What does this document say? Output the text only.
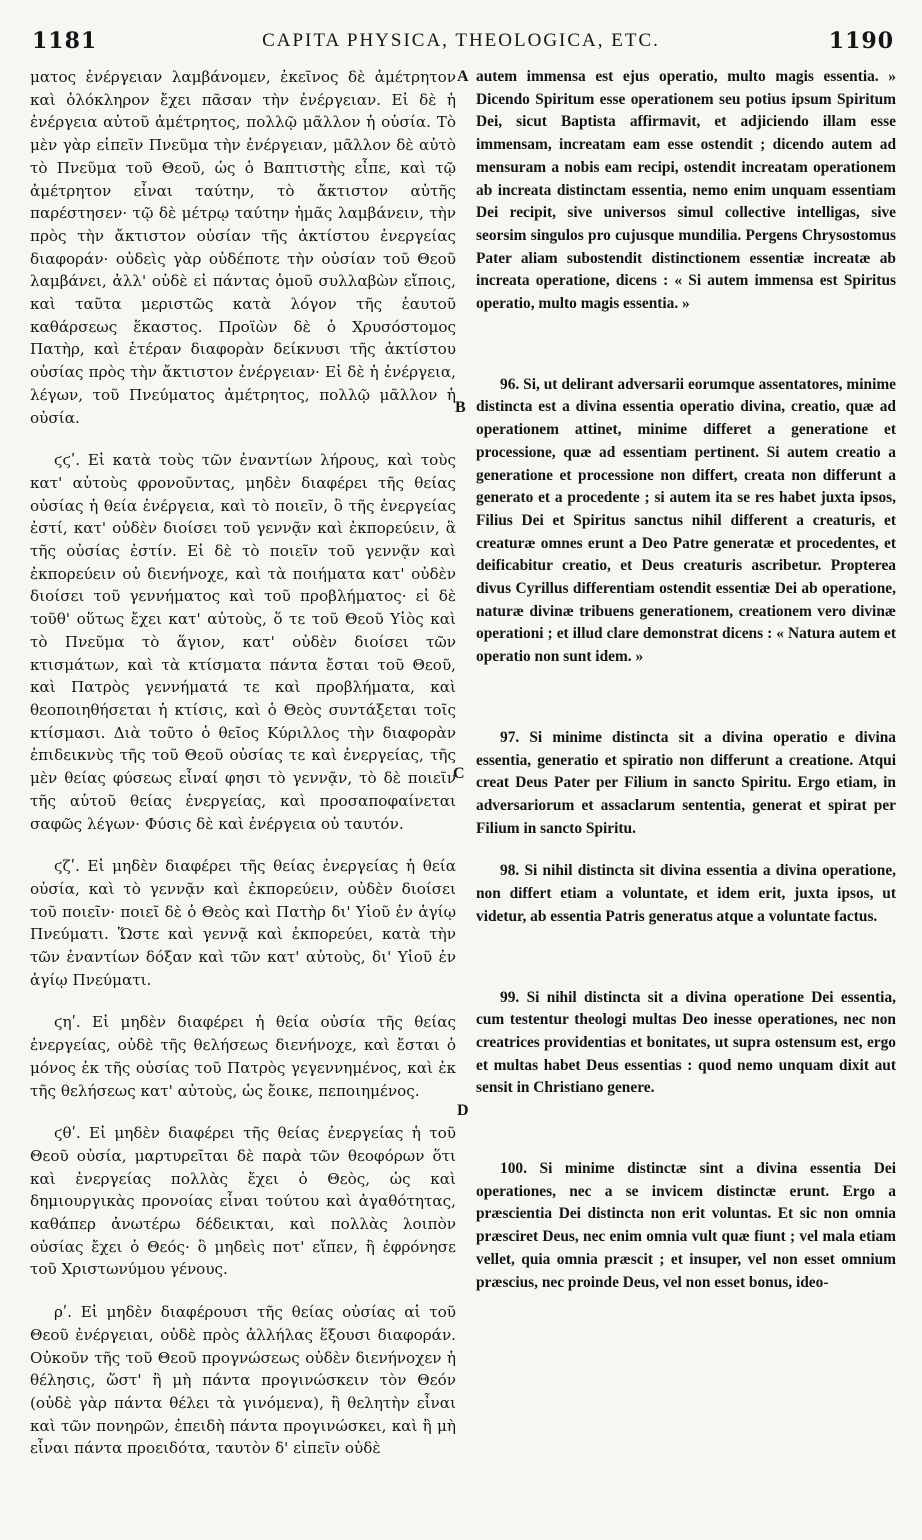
1181	CAPITA PHYSICA, THEOLOGICA, ETC.	1190

ματος ἐνέργειαν λαμβάνομεν, ἐκεῖνος δὲ ἀμέτρητον καὶ ὁλόκληρον ἔχει πᾶσαν τὴν ἐνέργειαν. Εἰ δὲ ἡ ἐνέργεια αὐτοῦ ἀμέτρητος, πολλῷ μᾶλλον ἡ οὐσία. Τὸ μὲν γὰρ εἰπεῖν Πνεῦμα τὴν ἐνέργειαν, μᾶλλον δὲ αὐτὸ τὸ Πνεῦμα τοῦ Θεοῦ, ὡς ὁ Βαπτιστὴς εἶπε, καὶ τῷ ἀμέτρητον εἶναι ταύτην, τὸ ἄκτιστον αὐτῆς παρέστησεν· τῷ δὲ μέτρῳ ταύτην ἡμᾶς λαμβάνειν, τὴν πρὸς τὴν ἄκτιστον οὐσίαν τῆς ἀκτίστου ἐνεργείας διαφοράν· οὐδεὶς γὰρ οὐδέποτε τὴν οὐσίαν τοῦ Θεοῦ λαμβάνει, ἀλλ' οὐδὲ εἰ πάντας ὁμοῦ συλλαβὼν εἴποις, καὶ ταῦτα μεριστῶς κατὰ λόγον τῆς ἑαυτοῦ καθάρσεως ἕκαστος. Προϊὼν δὲ ὁ Χρυσόστομος Πατὴρ, καὶ ἑτέραν διαφορὰν δείκνυσι τῆς ἀκτίστου οὐσίας πρὸς τὴν ἄκτιστον ἐνέργειαν· Εἰ δὲ ἡ ἐνέργεια, λέγων, τοῦ Πνεύματος ἀμέτρητος, πολλῷ μᾶλλον ἡ οὐσία.

ϛϛʹ. Εἰ κατὰ τοὺς τῶν ἐναντίων λήρους, καὶ τοὺς κατ' αὐτοὺς φρονοῦντας, μηδὲν διαφέρει τῆς θείας οὐσίας ἡ θεία ἐνέργεια, καὶ τὸ ποιεῖν, ὃ τῆς ἐνεργείας ἐστί, κατ' οὐδὲν διοίσει τοῦ γεννᾷν καὶ ἐκπορεύειν, ἃ τῆς οὐσίας ἐστίν. Εἰ δὲ τὸ ποιεῖν τοῦ γεννᾷν καὶ ἐκπορεύειν οὐ διενήνοχε, καὶ τὰ ποιήματα κατ' οὐδὲν διοίσει τοῦ γεννήματος καὶ τοῦ προβλήματος· εἰ δὲ τοῦθ' οὕτως ἔχει κατ' αὐτοὺς, ὅ τε τοῦ Θεοῦ Υἱὸς καὶ τὸ Πνεῦμα τὸ ἅγιον, κατ' οὐδὲν διοίσει τῶν κτισμάτων, καὶ τὰ κτίσματα πάντα ἔσται τοῦ Θεοῦ, καὶ Πατρὸς γεννήματά τε καὶ προβλήματα, καὶ θεοποιηθήσεται ἡ κτίσις, καὶ ὁ Θεὸς συντάξεται τοῖς κτίσμασι. Διὰ τοῦτο ὁ θεῖος Κύριλλος τὴν διαφορὰν ἐπιδεικνὺς τῆς τοῦ Θεοῦ οὐσίας τε καὶ ἐνεργείας, τῆς μὲν θείας φύσεως εἶναί φησι τὸ γεννᾷν, τὸ δὲ ποιεῖν τῆς αὐτοῦ θείας ἐνεργείας, καὶ προσαποφαίνεται σαφῶς λέγων· Φύσις δὲ καὶ ἐνέργεια οὐ ταυτόν.

ϛζʹ. Εἰ μηδὲν διαφέρει τῆς θείας ἐνεργείας ἡ θεία οὐσία, καὶ τὸ γεννᾷν καὶ ἐκπορεύειν, οὐδὲν διοίσει τοῦ ποιεῖν· ποιεῖ δὲ ὁ Θεὸς καὶ Πατὴρ δι' Υἱοῦ ἐν ἁγίῳ Πνεύματι. Ὥστε καὶ γεννᾷ καὶ ἐκπορεύει, κατὰ τὴν τῶν ἐναντίων δόξαν καὶ τῶν κατ' αὐτοὺς, δι' Υἱοῦ ἐν ἁγίῳ Πνεύματι.

ϛηʹ. Εἰ μηδὲν διαφέρει ἡ θεία οὐσία τῆς θείας ἐνεργείας, οὐδὲ τῆς θελήσεως διενήνοχε, καὶ ἔσται ὁ μόνος ἐκ τῆς οὐσίας τοῦ Πατρὸς γεγεννημένος, καὶ ἐκ τῆς θελήσεως κατ' αὐτοὺς, ὡς ἔοικε, πεποιημένος.

ϛθʹ. Εἰ μηδὲν διαφέρει τῆς θείας ἐνεργείας ἡ τοῦ Θεοῦ οὐσία, μαρτυρεῖται δὲ παρὰ τῶν θεοφόρων ὅτι καὶ ἐνεργείας πολλὰς ἔχει ὁ Θεὸς, ὡς καὶ δημιουργικὰς προνοίας εἶναι τούτου καὶ ἀγαθότητας, καθάπερ ἀνωτέρω δέδεικται, καὶ πολλὰς λοιπὸν οὐσίας ἔχει ὁ Θεός· ὃ μηδεὶς ποτ' εἴπεν, ἢ ἐφρόνησε τοῦ Χριστωνύμου γένους.

ρʹ. Εἰ μηδὲν διαφέρουσι τῆς θείας οὐσίας αἱ τοῦ Θεοῦ ἐνέργειαι, οὐδὲ πρὸς ἀλλήλας ἕξουσι διαφοράν. Οὐκοῦν τῆς τοῦ Θεοῦ προγνώσεως οὐδὲν διενήνοχεν ἡ θέλησις, ὥστ' ἢ μὴ πάντα προγινώσκειν τὸν Θεόν (οὐδὲ γὰρ πάντα θέλει τὰ γινόμενα), ἢ θελητὴν εἶναι καὶ τῶν πονηρῶν, ἐπειδὴ πάντα προγινώσκει, καὶ ἢ μὴ εἶναι πάντα προειδότα, ταυτὸν δ' εἰπεῖν οὐδὲ

A
B
C
D

autem immensa est ejus operatio, multo magis essentia. » Dicendo Spiritum esse operationem seu potius ipsum Spiritum Dei, sicut Baptista affirmavit, et adjiciendo illam esse immensam, increatam eam esse ostendit ; dicendo autem ad mensuram a nobis eam recipi, ostendit increatam operationem ab increata distinctam essentia, nemo enim unquam essentiam Dei recipit, sive universos simul collective intelligas, sive seorsim singulos pro cujusque mundilia. Pergens Chrysostomus Pater aliam subostendit distinctionem essentiæ increatæ ab increata operatione, dicens : « Si autem immensa est Spiritus operatio, multo magis essentia. »

96. Si, ut delirant adversarii eorumque assentatores, minime distincta est a divina essentia operatio divina, creatio, quæ ad operationem attinet, minime differet a generatione et processione, quæ ad essentiam pertinent. Si autem creatio a generatione et processione non differt, creata non differunt a generato et a procedente ; si autem ita se res habet juxta ipsos, Filius Dei et Spiritus sanctus nihil different a creaturis, et creaturæ omnes erunt a Deo Patre generatæ et procedentes, et deificabitur creatio, et Deus creaturis ascribetur. Propterea divus Cyrillus differentiam ostendit essentiæ Dei ab operatione, naturæ divinæ tribuens generationem, creationem vero divinæ operationi ; et illud clare demonstrat dicens : « Natura autem et operatio non sunt idem. »

97. Si minime distincta sit a divina operatio e divina essentia, generatio et spiratio non differunt a creatione. Atqui creat Deus Pater per Filium in sancto Spiritu. Ergo etiam, in adversariorum et assaclarum sententia, generat et spirat per Filium in sancto Spiritu.

98. Si nihil distincta sit divina essentia a divina operatione, non differt etiam a voluntate, et idem erit, juxta ipsos, ut videtur, ab essentia Patris generatus atque a voluntate factus.

99. Si nihil distincta sit a divina operatione Dei essentia, cum testentur theologi multas Deo inesse operationes, nec non creatrices providentias et bonitates, ut supra ostensum est, ergo et multas habet Deus essentias : quod nemo unquam dixit aut sensit in Christiano genere.

100. Si minime distinctæ sint a divina essentia Dei operationes, nec a se invicem distinctæ erunt. Ergo a præscientia Dei distincta non erit voluntas. Et sic non omnia præsciret Deus, nec enim omnia vult quæ fiunt ; vel mala etiam vellet, quia omnia præscit ; et insuper, vel non esset omnium præscius, nec proinde Deus, vel non esset bonus, ideo-
